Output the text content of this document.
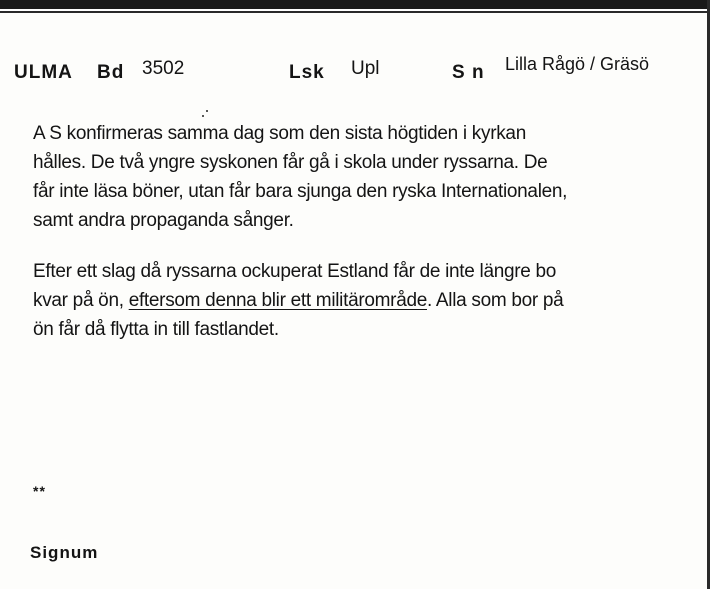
ULMA Bd 3502	Lsk Upl	S n Lilla Rågö / Gräsö
A S konfirmeras samma dag som den sista högtiden i kyrkan
hålles. De två yngre syskonen får gå i skola under ryssarna. De
får inte läsa böner, utan får bara sjunga den ryska Internationalen,
samt andra propaganda sånger.
Efter ett slag då ryssarna ockuperat Estland får de inte längre bo
kvar på ön, eftersom denna blir ett militärområde. Alla som bor på
ön får då flytta in till fastlandet.
**
Signum
